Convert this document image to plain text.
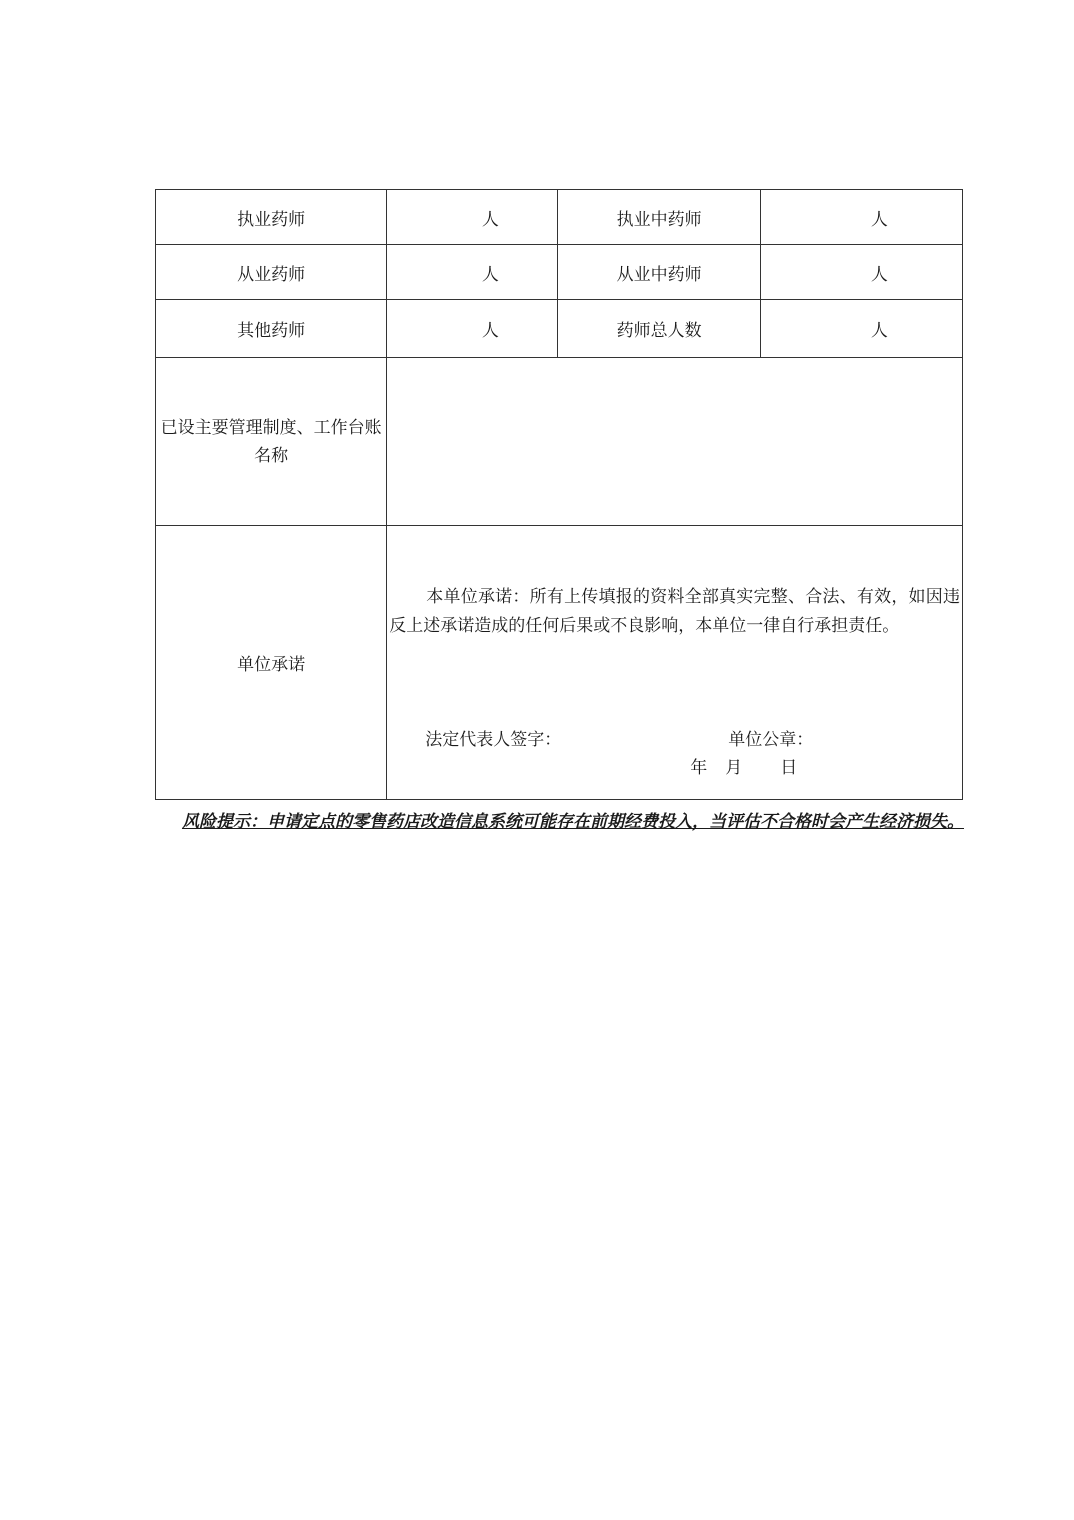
执业药师	人	执业中药师	人
从业药师	人	从业中药师	人
其他药师	人	药师总人数	人
已设主要管理制度、工作台账名称			
单位承诺	本单位承诺：所有上传填报的资料全部真实完整、合法、有效，如因违反上述承诺造成的任何后果或不良影响，本单位一律自行承担责任。
法定代表人签字： 单位公章：
年 月 日		
风险提示：申请定点的零售药店改造信息系统可能存在前期经费投入，当评估不合格时会产生经济损失。
